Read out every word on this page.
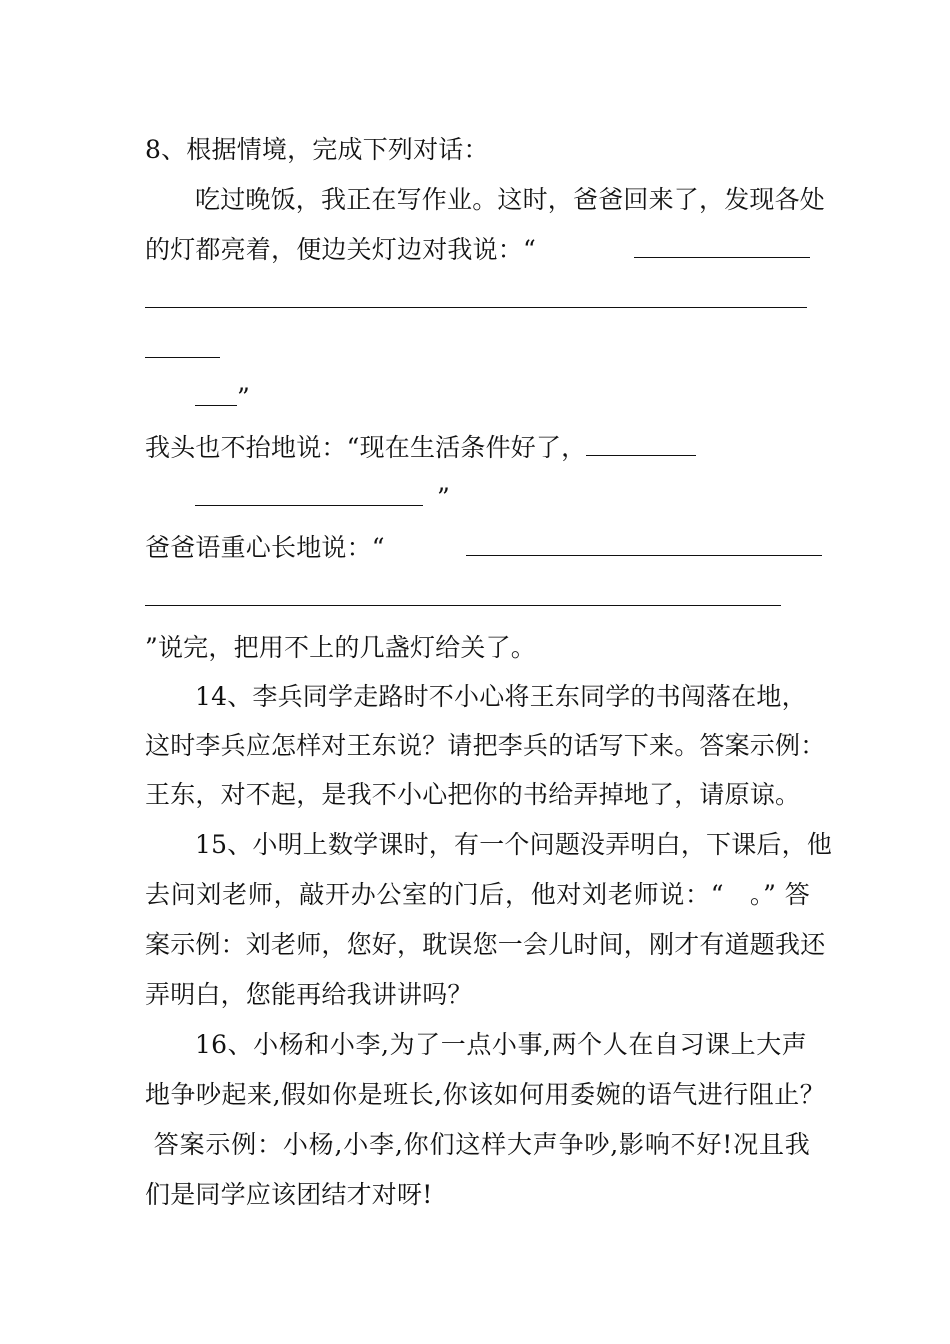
8、根据情境，完成下列对话：
吃过晚饭，我正在写作业。这时，爸爸回来了，发现各处
的灯都亮着，便边关灯边对我说：“
”
我头也不抬地说：“现在生活条件好了，
”
爸爸语重心长地说：“
”说完，把用不上的几盏灯给关了。
14、李兵同学走路时不小心将王东同学的书闯落在地，
这时李兵应怎样对王东说？请把李兵的话写下来。答案示例：
王东，对不起，是我不小心把你的书给弄掉地了，请原谅。
15、小明上数学课时，有一个问题没弄明白，下课后，他
去问刘老师，敲开办公室的门后，他对刘老师说：“　。” 答
案示例：刘老师，您好，耽误您一会儿时间，刚才有道题我还
弄明白，您能再给我讲讲吗？
16、小杨和小李,为了一点小事,两个人在自习课上大声
地争吵起来,假如你是班长,你该如何用委婉的语气进行阻止？
答案示例：小杨,小李,你们这样大声争吵,影响不好!况且我
们是同学应该团结才对呀!
